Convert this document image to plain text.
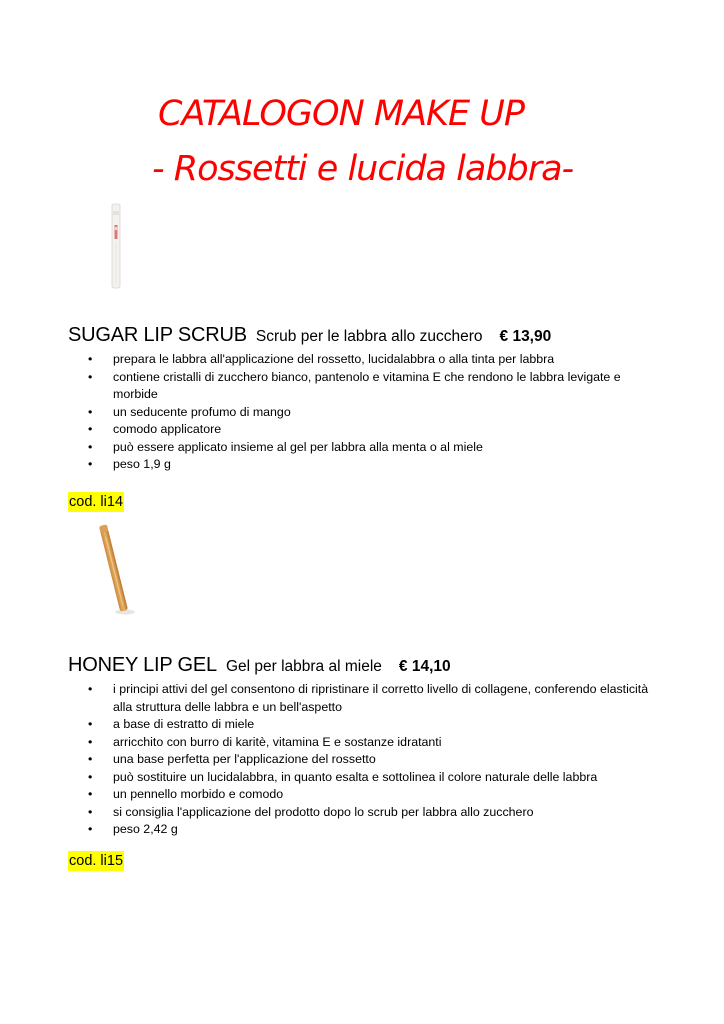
CATALOGON MAKE UP
- Rossetti e lucida labbra-
SUGAR LIP SCRUB Scrub per le labbra allo zucchero € 13,90
• prepara le labbra all'applicazione del rossetto, lucidalabbra o alla tinta per labbra
• contiene cristalli di zucchero bianco, pantenolo e vitamina E che rendono le labbra levigate e morbide
• un seducente profumo di mango
• comodo applicatore
• può essere applicato insieme al gel per labbra alla menta o al miele
• peso 1,9 g
cod. li14
HONEY LIP GEL Gel per labbra al miele € 14,10
• i principi attivi del gel consentono di ripristinare il corretto livello di collagene, conferendo elasticità alla struttura delle labbra e un bell'aspetto
• a base di estratto di miele
• arricchito con burro di karitè, vitamina E e sostanze idratanti
• una base perfetta per l'applicazione del rossetto
• può sostituire un lucidalabbra, in quanto esalta e sottolinea il colore naturale delle labbra
• un pennello morbido e comodo
• si consiglia l'applicazione del prodotto dopo lo scrub per labbra allo zucchero
• peso 2,42 g
cod. li15
